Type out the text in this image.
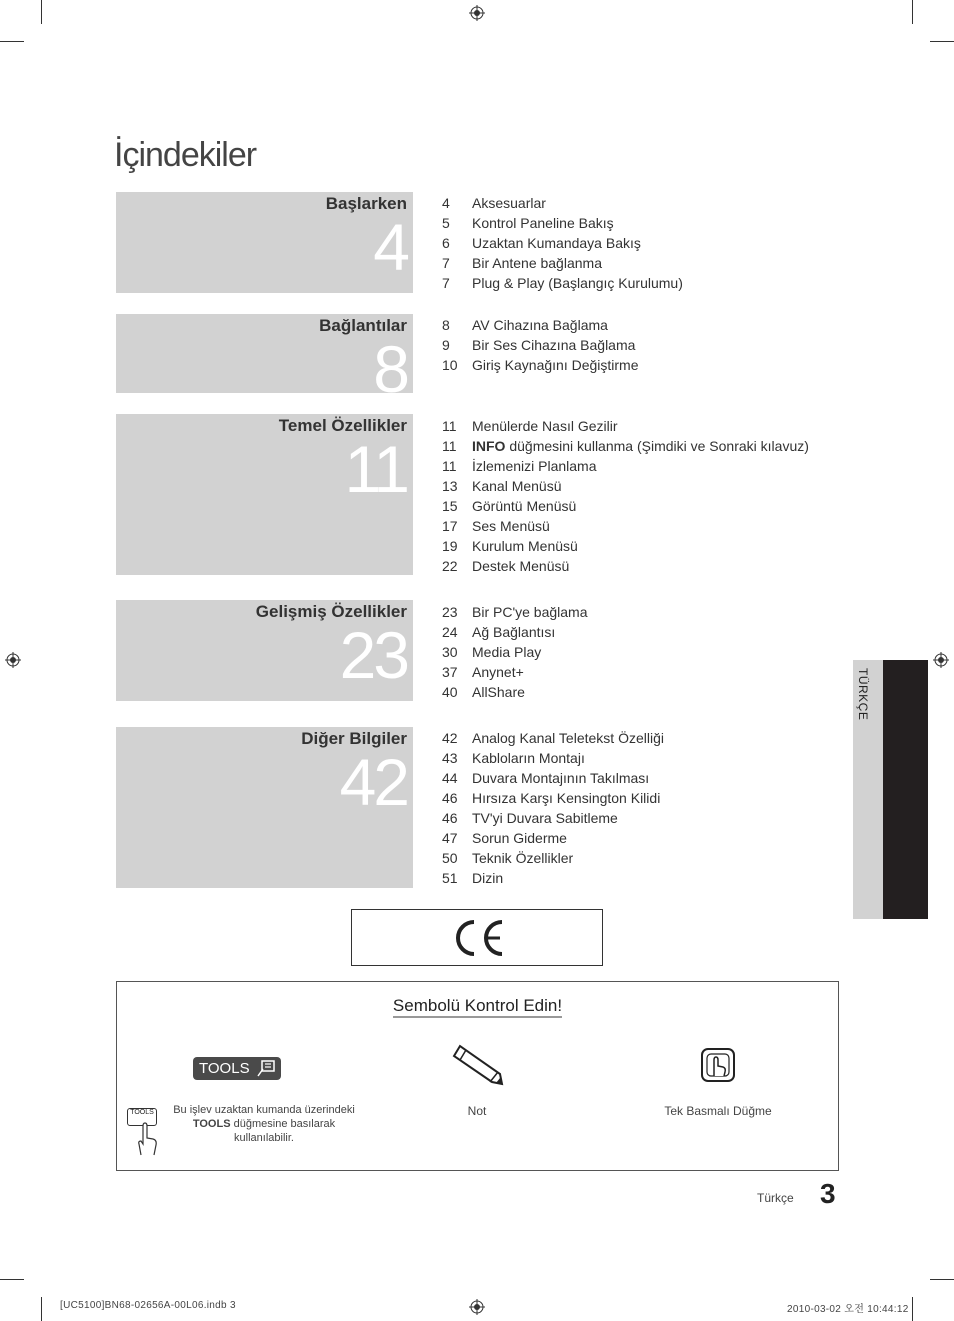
İçindekiler
Başlarken
4
4 Aksesuarlar
5 Kontrol Paneline Bakış
6 Uzaktan Kumandaya Bakış
7 Bir Antene bağlanma
7 Plug & Play (Başlangıç Kurulumu)
Bağlantılar
8
8 AV Cihazına Bağlama
9 Bir Ses Cihazına Bağlama
10 Giriş Kaynağını Değiştirme
Temel Özellikler
11
11 Menülerde Nasıl Gezilir
11 INFO düğmesini kullanma (Şimdiki ve Sonraki kılavuz)
11 İzlemenizi Planlama
13 Kanal Menüsü
15 Görüntü Menüsü
17 Ses Menüsü
19 Kurulum Menüsü
22 Destek Menüsü
Gelişmiş Özellikler
23
23 Bir PC'ye bağlama
24 Ağ Bağlantısı
30 Media Play
37 Anynet+
40 AllShare
Diğer Bilgiler
42
42 Analog Kanal Teletekst Özelliği
43 Kabloların Montajı
44 Duvara Montajının Takılması
46 Hırsıza Karşı Kensington Kilidi
46 TV'yi Duvara Sabitleme
47 Sorun Giderme
50 Teknik Özellikler
51 Dizin
Sembolü Kontrol Edin!
TOOLS
TOOLS	Bu işlev uzaktan kumanda üzerindeki
TOOLS düğmesine basılarak
kullanılabilir.
Not	Tek Basmalı Düğme
TÜRKÇE
Türkçe 3
[UC5100]BN68-02656A-00L06.indb 3	2010-03-02 오전 10:44:12
